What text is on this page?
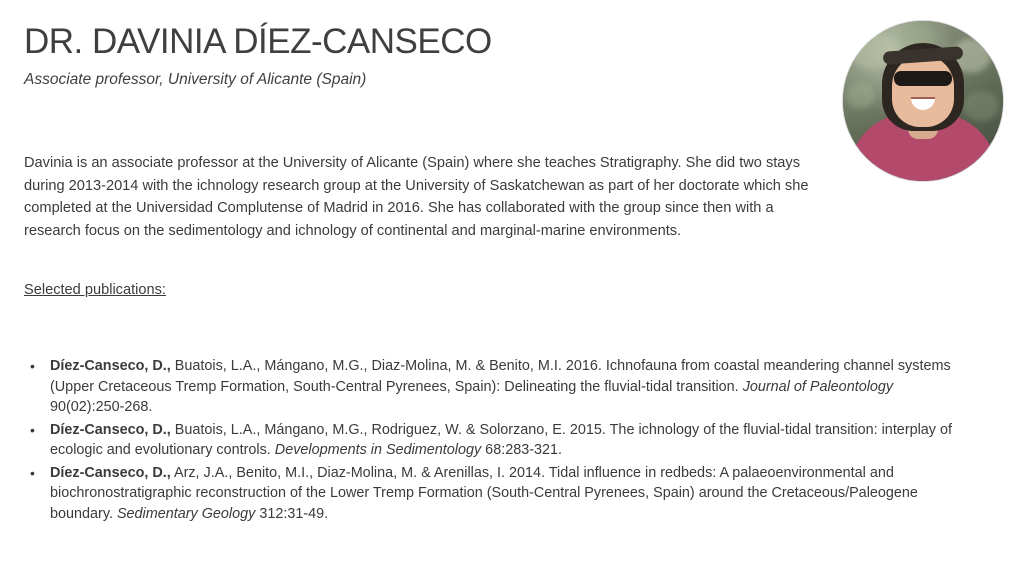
DR. DAVINIA DÍEZ-CANSECO
Associate professor, University of Alicante (Spain)
Davinia is an associate professor at the University of Alicante (Spain) where she teaches Stratigraphy. She did two stays during 2013-2014 with the ichnology research group at the University of Saskatchewan as part of her doctorate which she completed at the Universidad Complutense of Madrid in 2016. She has collaborated with the group since then with a research focus on the sedimentology and ichnology of continental and marginal-marine environments.
Selected publications:
• Díez-Canseco, D., Buatois, L.A., Mángano, M.G., Diaz-Molina, M. & Benito, M.I. 2016. Ichnofauna from coastal meandering channel systems (Upper Cretaceous Tremp Formation, South-Central Pyrenees, Spain): Delineating the fluvial-tidal transition. Journal of Paleontology 90(02):250-268.
• Díez-Canseco, D., Buatois, L.A., Mángano, M.G., Rodriguez, W. & Solorzano, E. 2015. The ichnology of the fluvial-tidal transition: interplay of ecologic and evolutionary controls. Developments in Sedimentology 68:283-321.
• Díez-Canseco, D., Arz, J.A., Benito, M.I., Diaz-Molina, M. & Arenillas, I. 2014. Tidal influence in redbeds: A palaeoenvironmental and biochronostratigraphic reconstruction of the Lower Tremp Formation (South-Central Pyrenees, Spain) around the Cretaceous/Paleogene boundary. Sedimentary Geology 312:31-49.
